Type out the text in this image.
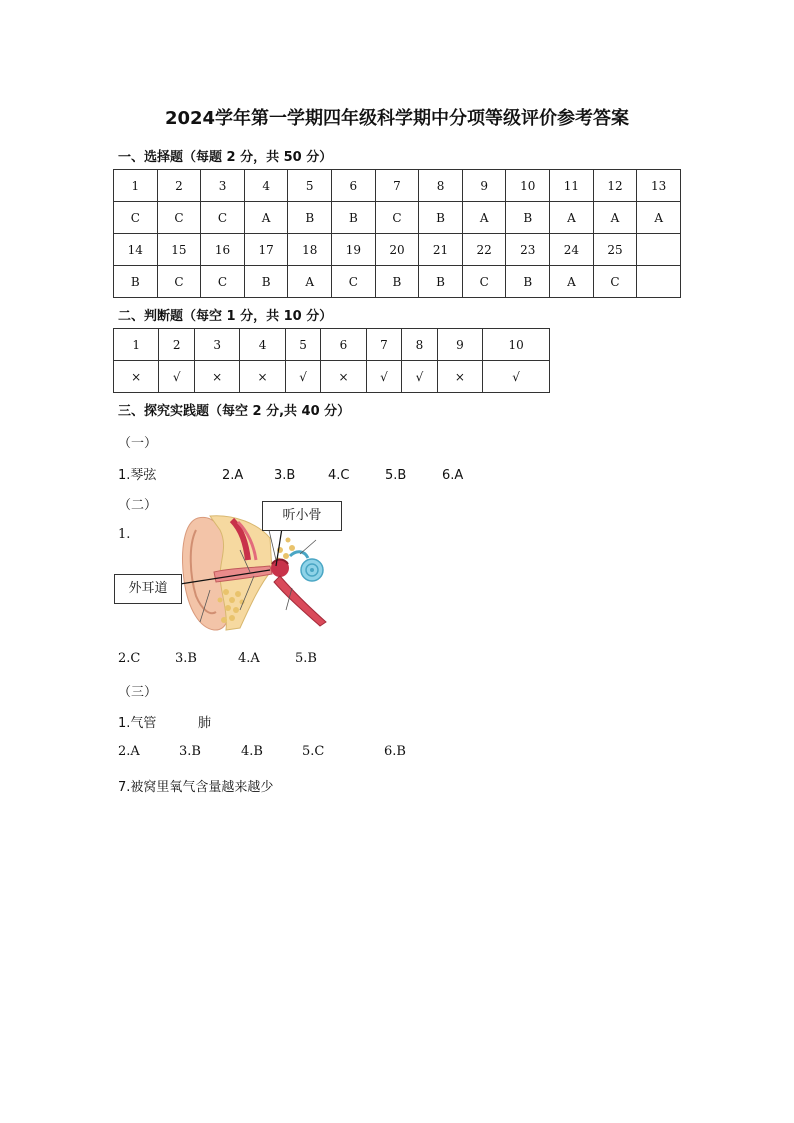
2024学年第一学期四年级科学期中分项等级评价参考答案
一、选择题（每题 2 分，共 50 分）
1	2	3	4	5	6	7	8	9	10	11	12	13
C	C	C	A	B	B	C	B	A	B	A	A	A
14	15	16	17	18	19	20	21	22	23	24	25	
B	C	C	B	A	C	B	B	C	B	A	C	
二、判断题（每空 1 分，共 10 分）
1	2	3	4	5	6	7	8	9	10
×	√	×	×	√	×	√	√	×	√
三、探究实践题（每空 2 分,共 40 分）
（一）
1.琴弦	2.A 3.B	4.C	5.B	6.A
（二）
1.
听小骨
外耳道
2.C	3.B	4.A	5.B
（三）
1.气管	肺
2.A	3.B	4.B	5.C	6.B
7.被窝里氧气含量越来越少
